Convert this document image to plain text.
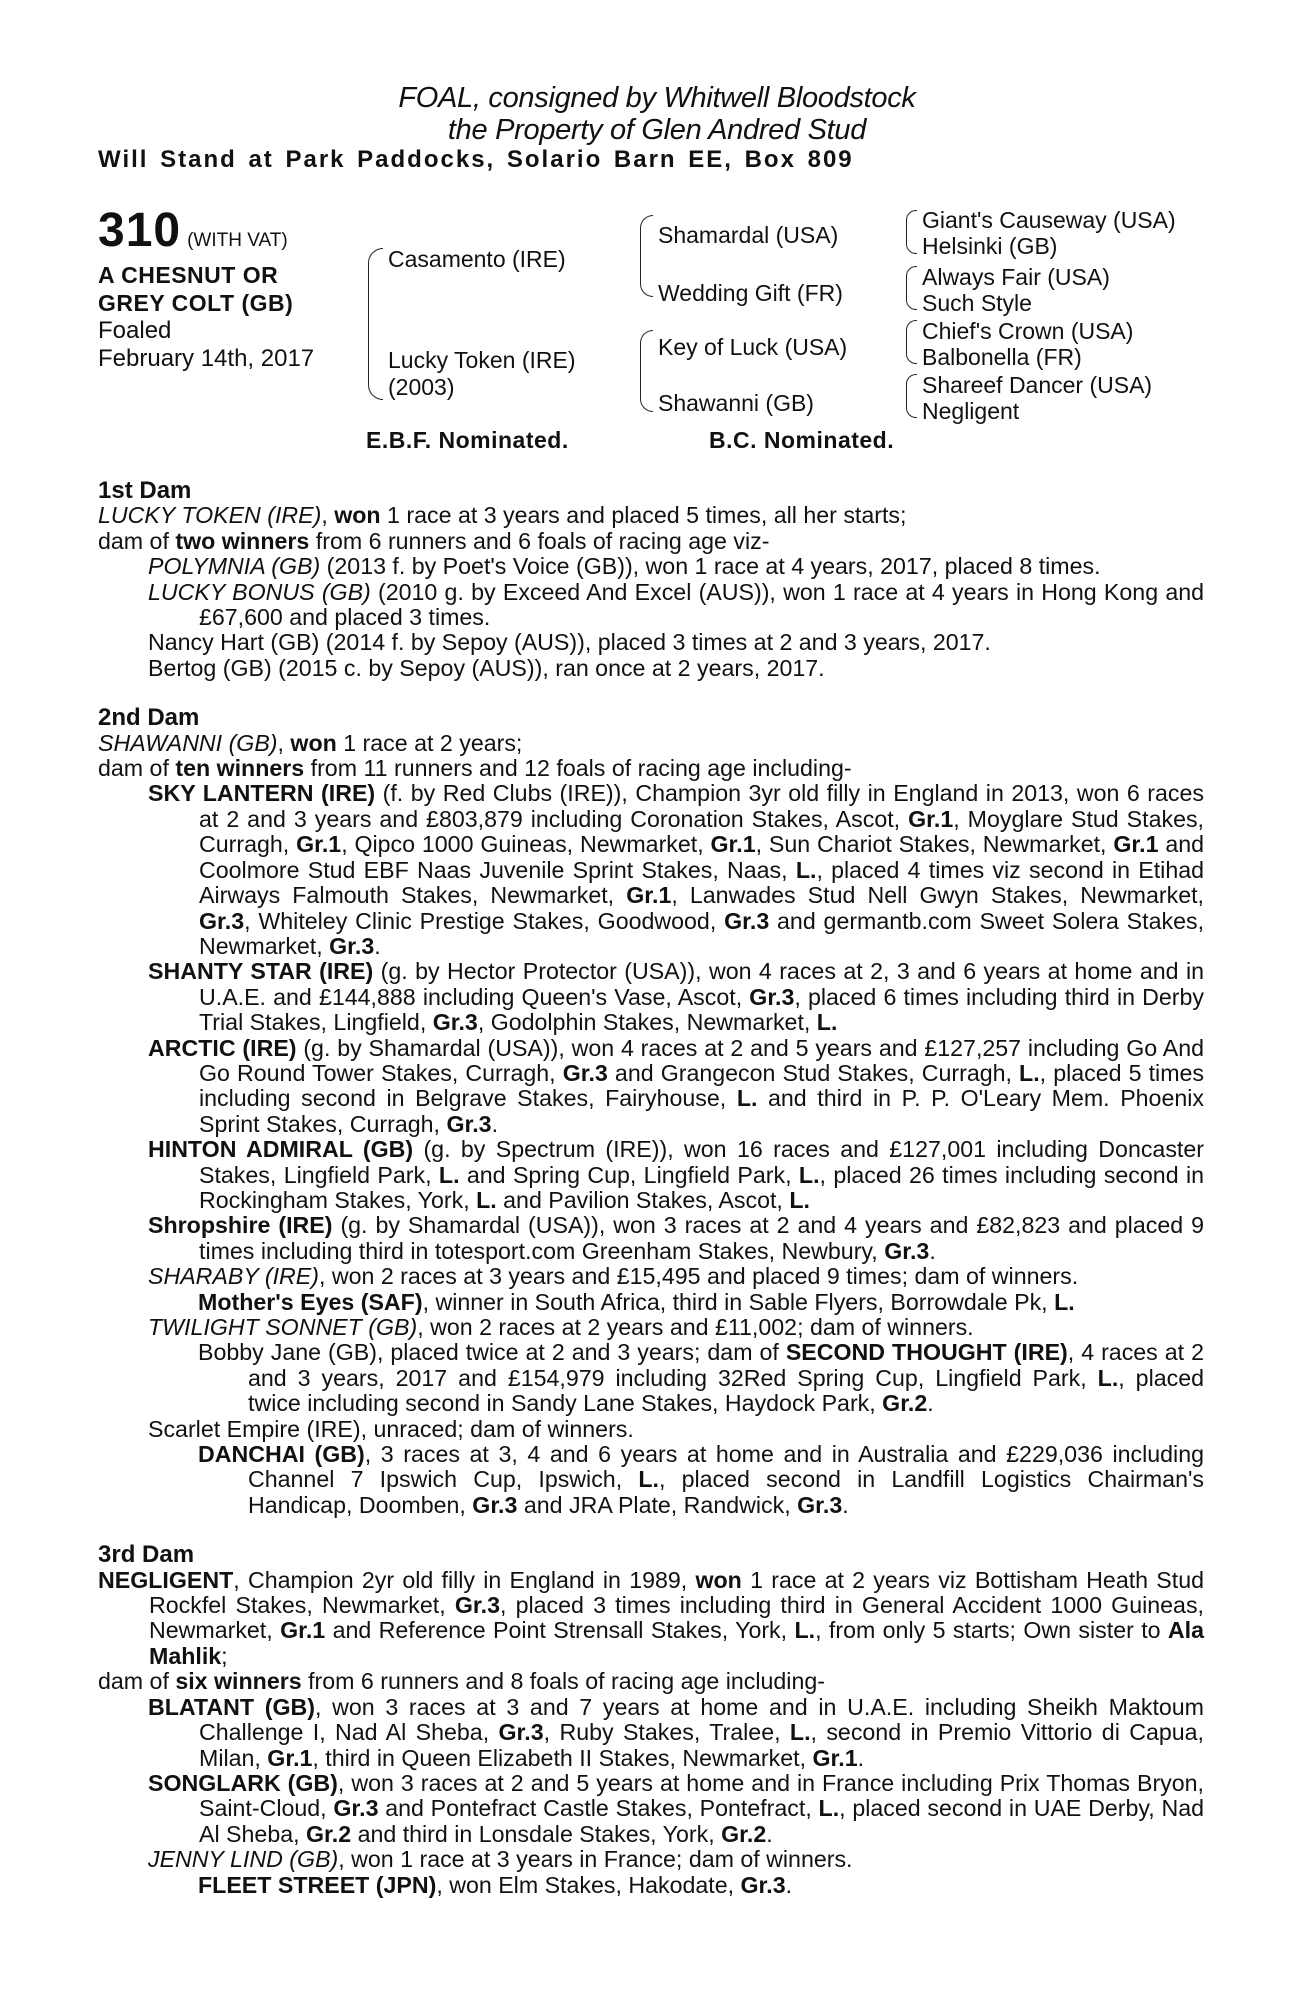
FOAL, consigned by Whitwell Bloodstock
the Property of Glen Andred Stud
Will Stand at Park Paddocks, Solario Barn EE, Box 809
310 (WITH VAT)
A CHESNUT OR
GREY COLT (GB)
Foaled
February 14th, 2017
Casamento (IRE)
Lucky Token (IRE)
(2003)
Shamardal (USA)
Wedding Gift (FR)
Key of Luck (USA)
Shawanni (GB)
Giant's Causeway (USA)
Helsinki (GB)
Always Fair (USA)
Such Style
Chief's Crown (USA)
Balbonella (FR)
Shareef Dancer (USA)
Negligent
E.B.F. Nominated.	B.C. Nominated.
1st Dam
LUCKY TOKEN (IRE), won 1 race at 3 years and placed 5 times, all her starts;
dam of two winners from 6 runners and 6 foals of racing age viz-
POLYMNIA (GB) (2013 f. by Poet's Voice (GB)), won 1 race at 4 years, 2017, placed 8 times.
LUCKY BONUS (GB) (2010 g. by Exceed And Excel (AUS)), won 1 race at 4 years in Hong Kong and £67,600 and placed 3 times.
Nancy Hart (GB) (2014 f. by Sepoy (AUS)), placed 3 times at 2 and 3 years, 2017.
Bertog (GB) (2015 c. by Sepoy (AUS)), ran once at 2 years, 2017.
2nd Dam
SHAWANNI (GB), won 1 race at 2 years;
dam of ten winners from 11 runners and 12 foals of racing age including-
SKY LANTERN (IRE) (f. by Red Clubs (IRE)), Champion 3yr old filly in England in 2013, won 6 races at 2 and 3 years and £803,879 including Coronation Stakes, Ascot, Gr.1, Moyglare Stud Stakes, Curragh, Gr.1, Qipco 1000 Guineas, Newmarket, Gr.1, Sun Chariot Stakes, Newmarket, Gr.1 and Coolmore Stud EBF Naas Juvenile Sprint Stakes, Naas, L., placed 4 times viz second in Etihad Airways Falmouth Stakes, Newmarket, Gr.1, Lanwades Stud Nell Gwyn Stakes, Newmarket, Gr.3, Whiteley Clinic Prestige Stakes, Goodwood, Gr.3 and germantb.com Sweet Solera Stakes, Newmarket, Gr.3.
SHANTY STAR (IRE) (g. by Hector Protector (USA)), won 4 races at 2, 3 and 6 years at home and in U.A.E. and £144,888 including Queen's Vase, Ascot, Gr.3, placed 6 times including third in Derby Trial Stakes, Lingfield, Gr.3, Godolphin Stakes, Newmarket, L.
ARCTIC (IRE) (g. by Shamardal (USA)), won 4 races at 2 and 5 years and £127,257 including Go And Go Round Tower Stakes, Curragh, Gr.3 and Grangecon Stud Stakes, Curragh, L., placed 5 times including second in Belgrave Stakes, Fairyhouse, L. and third in P. P. O'Leary Mem. Phoenix Sprint Stakes, Curragh, Gr.3.
HINTON ADMIRAL (GB) (g. by Spectrum (IRE)), won 16 races and £127,001 including Doncaster Stakes, Lingfield Park, L. and Spring Cup, Lingfield Park, L., placed 26 times including second in Rockingham Stakes, York, L. and Pavilion Stakes, Ascot, L.
Shropshire (IRE) (g. by Shamardal (USA)), won 3 races at 2 and 4 years and £82,823 and placed 9 times including third in totesport.com Greenham Stakes, Newbury, Gr.3.
SHARABY (IRE), won 2 races at 3 years and £15,495 and placed 9 times; dam of winners.
Mother's Eyes (SAF), winner in South Africa, third in Sable Flyers, Borrowdale Pk, L.
TWILIGHT SONNET (GB), won 2 races at 2 years and £11,002; dam of winners.
Bobby Jane (GB), placed twice at 2 and 3 years; dam of SECOND THOUGHT (IRE), 4 races at 2 and 3 years, 2017 and £154,979 including 32Red Spring Cup, Lingfield Park, L., placed twice including second in Sandy Lane Stakes, Haydock Park, Gr.2.
Scarlet Empire (IRE), unraced; dam of winners.
DANCHAI (GB), 3 races at 3, 4 and 6 years at home and in Australia and £229,036 including Channel 7 Ipswich Cup, Ipswich, L., placed second in Landfill Logistics Chairman's Handicap, Doomben, Gr.3 and JRA Plate, Randwick, Gr.3.
3rd Dam
NEGLIGENT, Champion 2yr old filly in England in 1989, won 1 race at 2 years viz Bottisham Heath Stud Rockfel Stakes, Newmarket, Gr.3, placed 3 times including third in General Accident 1000 Guineas, Newmarket, Gr.1 and Reference Point Strensall Stakes, York, L., from only 5 starts; Own sister to Ala Mahlik;
dam of six winners from 6 runners and 8 foals of racing age including-
BLATANT (GB), won 3 races at 3 and 7 years at home and in U.A.E. including Sheikh Maktoum Challenge I, Nad Al Sheba, Gr.3, Ruby Stakes, Tralee, L., second in Premio Vittorio di Capua, Milan, Gr.1, third in Queen Elizabeth II Stakes, Newmarket, Gr.1.
SONGLARK (GB), won 3 races at 2 and 5 years at home and in France including Prix Thomas Bryon, Saint-Cloud, Gr.3 and Pontefract Castle Stakes, Pontefract, L., placed second in UAE Derby, Nad Al Sheba, Gr.2 and third in Lonsdale Stakes, York, Gr.2.
JENNY LIND (GB), won 1 race at 3 years in France; dam of winners.
FLEET STREET (JPN), won Elm Stakes, Hakodate, Gr.3.
